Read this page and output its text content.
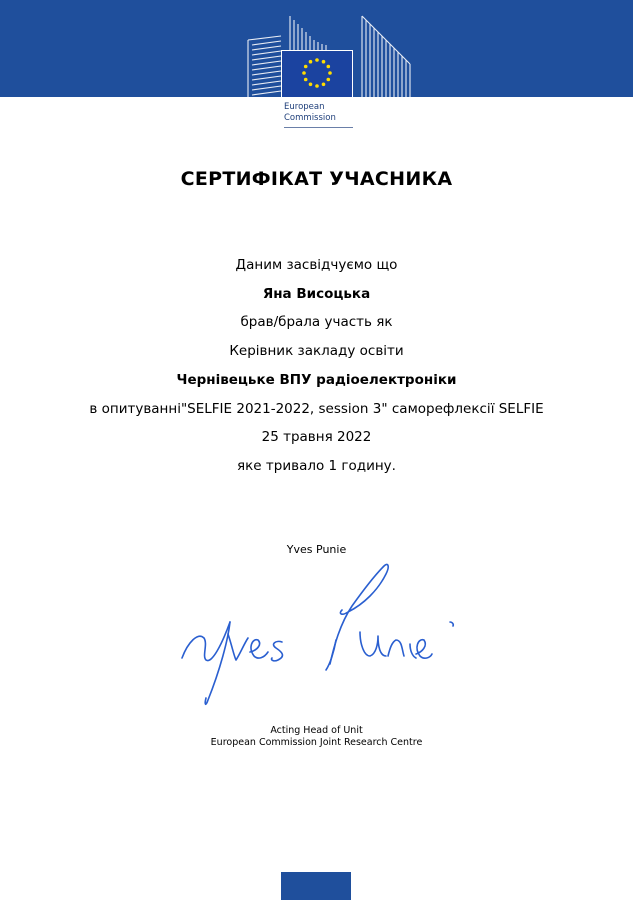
European
Commission
СЕРТИФІКАТ УЧАСНИКА
Даним засвідчуємо що
Яна Висоцька
брав/брала участь як
Керівник закладу освіти
Чернівецьке ВПУ радіоелектроніки
в опитуванні"SELFIE 2021-2022, session 3" саморефлексії SELFIE
25 травня 2022
яке тривало 1 годину.
Yves Punie
Acting Head of Unit
European Commission Joint Research Centre
